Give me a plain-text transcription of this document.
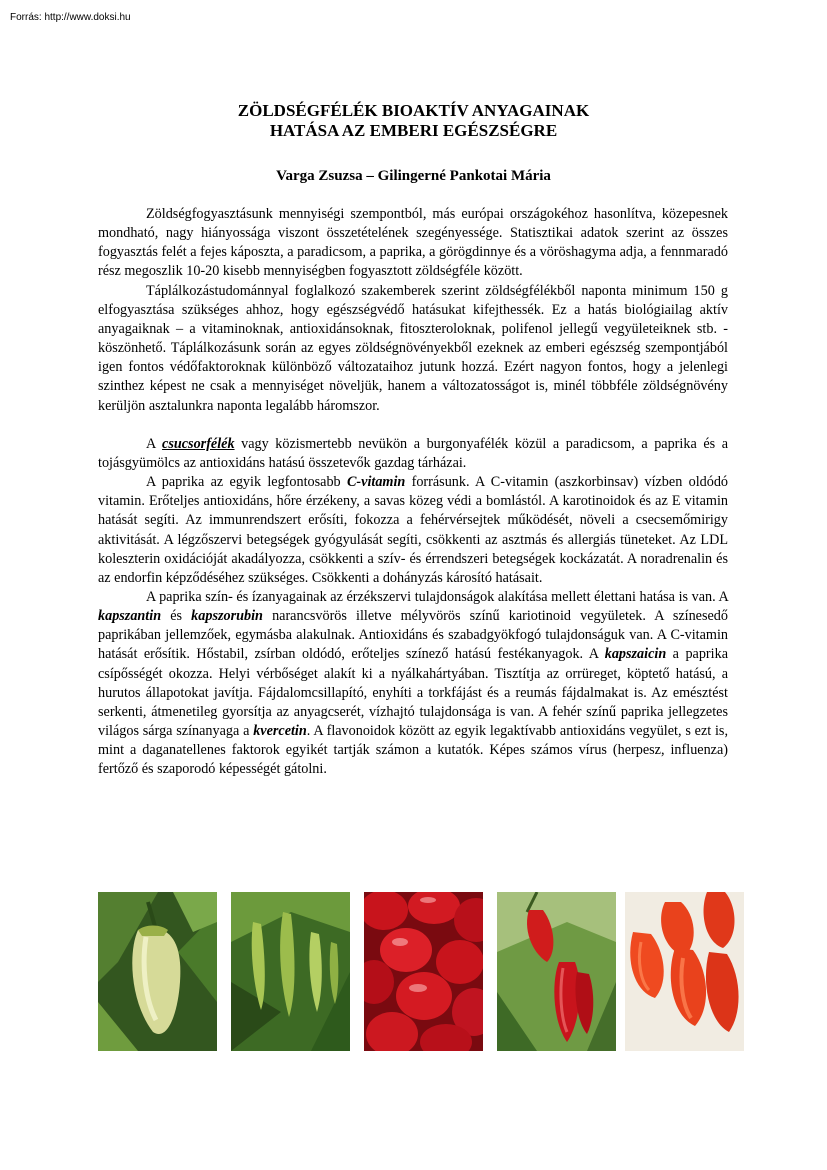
Forrás: http://www.doksi.hu
ZÖLDSÉGFÉLÉK BIOAKTÍV ANYAGAINAK
HATÁSA AZ EMBERI EGÉSZSÉGRE
Varga Zsuzsa – Gilingerné Pankotai Mária

Zöldségfogyasztásunk mennyiségi szempontból, más európai országokéhoz hasonlítva, közepesnek mondható, nagy hiányossága viszont összetételének szegényessége. Statisztikai adatok szerint az összes fogyasztás felét a fejes káposzta, a paradicsom, a paprika, a görögdinnye és a vöröshagyma adja, a fennmaradó rész megoszlik 10-20 kisebb mennyiségben fogyasztott zöldségféle között.

Táplálkozástudománnyal foglalkozó szakemberek szerint zöldségfélékből naponta minimum 150 g elfogyasztása szükséges ahhoz, hogy egészségvédő hatásukat kifejthessék. Ez a hatás biológiailag aktív anyagaiknak – a vitaminoknak, antioxidánsoknak, fitoszteroloknak, polifenol jellegű vegyületeiknek stb. - köszönhető. Táplálkozásunk során az egyes zöldségnövényekből ezeknek az emberi egészség szempontjából igen fontos védőfaktoroknak különböző változataihoz jutunk hozzá. Ezért nagyon fontos, hogy a jelenlegi szinthez képest ne csak a mennyiséget növeljük, hanem a változatosságot is, minél többféle zöldségnövény kerüljön asztalunkra naponta legalább háromszor.

A csucsorfélék vagy közismertebb nevükön a burgonyafélék közül a paradicsom, a paprika és a tojásgyümölcs az antioxidáns hatású összetevők gazdag tárházai.

A paprika az egyik legfontosabb C-vitamin forrásunk. A C-vitamin (aszkorbinsav) vízben oldódó vitamin. Erőteljes antioxidáns, hőre érzékeny, a savas közeg védi a bomlástól. A karotinoidok és az E vitamin hatását segíti. Az immunrendszert erősíti, fokozza a fehérvérsejtek működését, növeli a csecsemőmirigy aktivitását. A légzőszervi betegségek gyógyulását segíti, csökkenti az asztmás és allergiás tüneteket. Az LDL koleszterin oxidációját akadályozza, csökkenti a szív- és érrendszeri betegségek kockázatát. A noradrenalin és az endorfin képződéséhez szükséges. Csökkenti a dohányzás károsító hatásait.

A paprika szín- és ízanyagainak az érzékszervi tulajdonságok alakítása mellett élettani hatása is van. A kapszantin és kapszorubin narancsvörös illetve mélyvörös színű kariotinoid vegyületek. A színesedő paprikában jellemzőek, egymásba alakulnak. Antioxidáns és szabadgyökfogó tulajdonságuk van. A C-vitamin hatását erősítik. Hőstabil, zsírban oldódó, erőteljes színező hatású festékanyagok. A kapszaicin a paprika csípősségét okozza. Helyi vérbőséget alakít ki a nyálkahártyában. Tisztítja az orrüreget, köptető hatású, a hurutos állapotokat javítja. Fájdalomcsillapító, enyhíti a torkfájást és a reumás fájdalmakat is. Az emésztést serkenti, átmenetileg gyorsítja az anyagcserét, vízhajtó tulajdonsága is van. A fehér színű paprika jellegzetes világos sárga színanyaga a kvercetin. A flavonoidok között az egyik legaktívabb antioxidáns vegyület, s ezt is, mint a daganatellenes faktorok egyikét tartják számon a kutatók. Képes számos vírus (herpesz, influenza) fertőző és szaporodó képességét gátolni.
